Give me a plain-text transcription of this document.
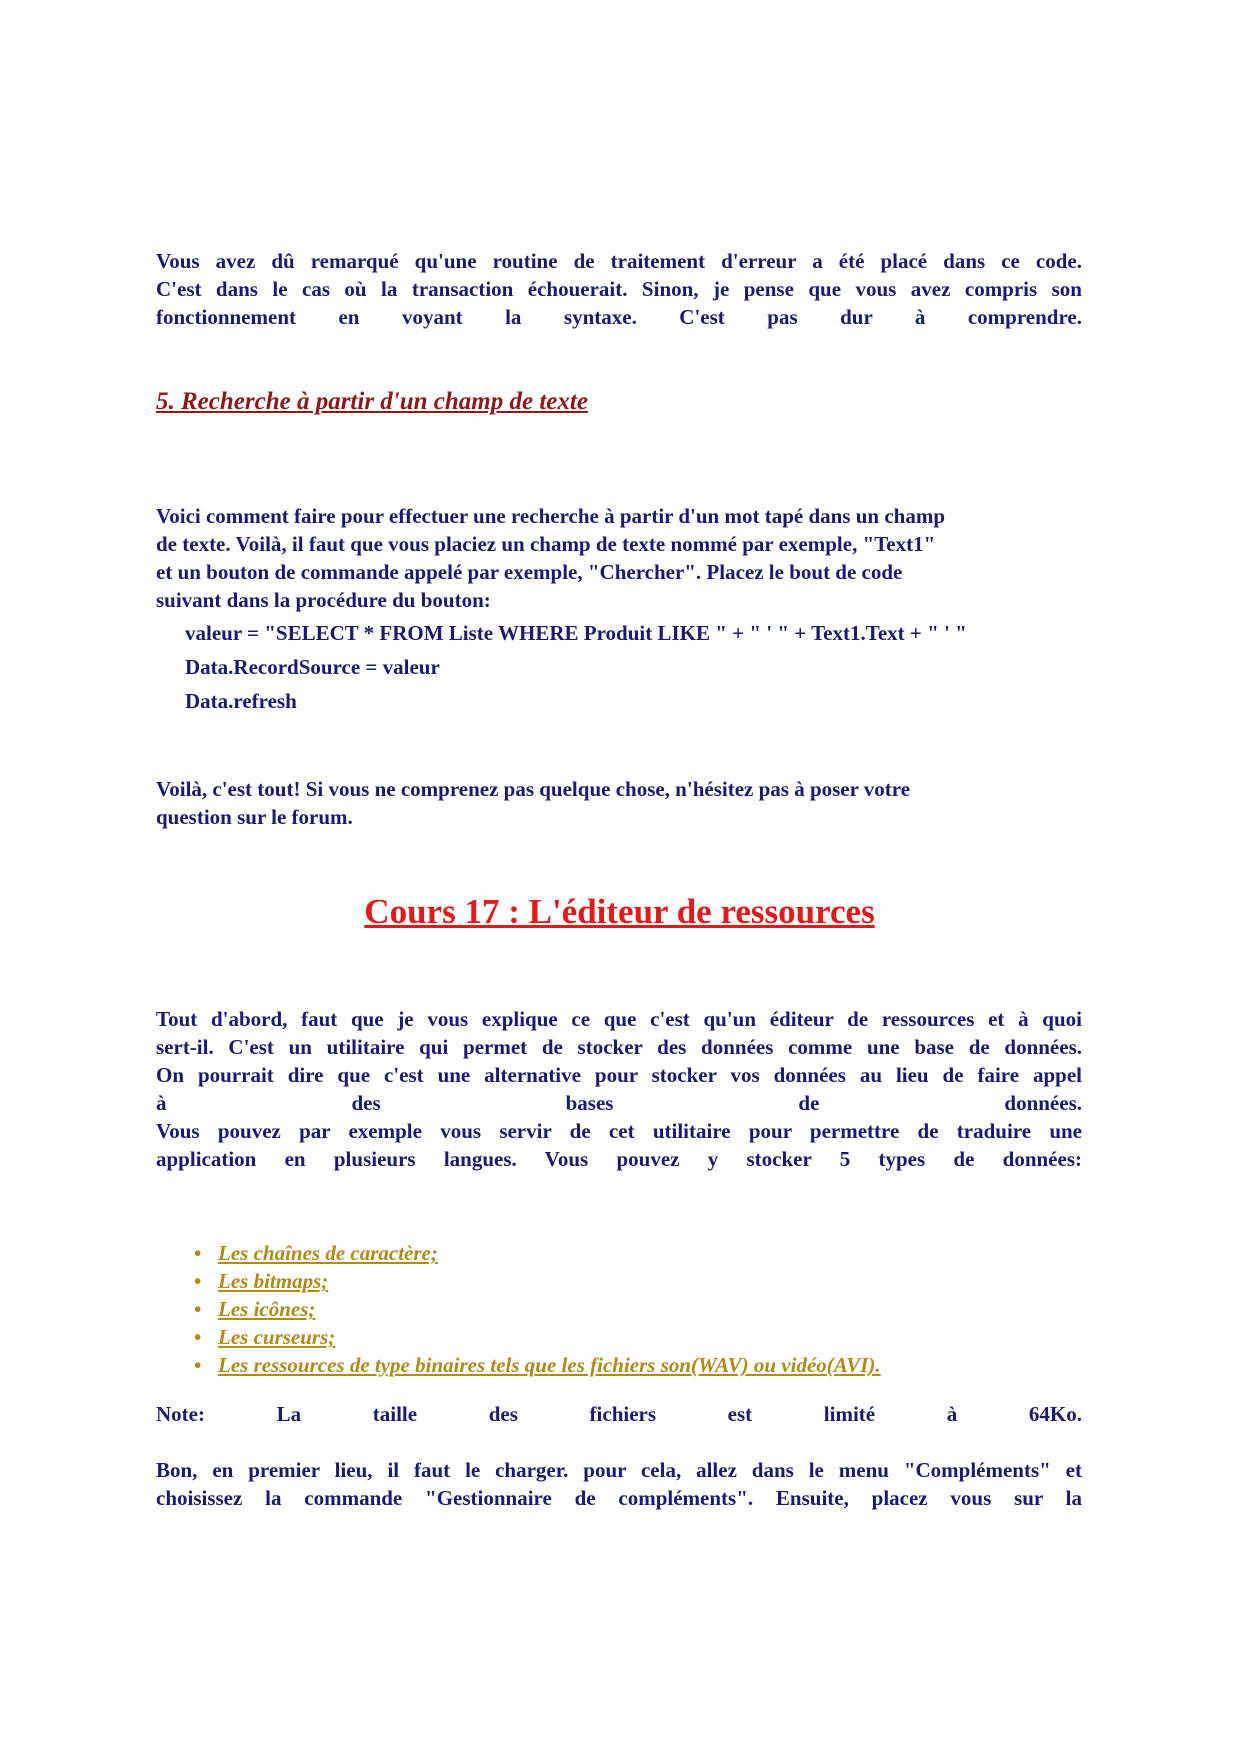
Vous avez dû remarqué qu'une routine de traitement d'erreur a été placé dans ce code.
C'est dans le cas où la transaction échouerait. Sinon, je pense que vous avez compris son
fonctionnement en voyant la syntaxe. C'est pas dur à comprendre.
5. Recherche à partir d'un champ de texte
Voici comment faire pour effectuer une recherche à partir d'un mot tapé dans un champ
de texte. Voilà, il faut que vous placiez un champ de texte nommé par exemple, "Text1"
et un bouton de commande appelé par exemple, "Chercher". Placez le bout de code
suivant dans la procédure du bouton:
valeur = "SELECT * FROM Liste WHERE Produit LIKE " + " ' " + Text1.Text + " ' "
Data.RecordSource = valeur
Data.refresh
Voilà, c'est tout! Si vous ne comprenez pas quelque chose, n'hésitez pas à poser votre
question sur le forum.
Cours 17 : L'éditeur de ressources
Tout d'abord, faut que je vous explique ce que c'est qu'un éditeur de ressources et à quoi
sert-il. C'est un utilitaire qui permet de stocker des données comme une base de données.
On pourrait dire que c'est une alternative pour stocker vos données au lieu de faire appel
à des bases de données.
Vous pouvez par exemple vous servir de cet utilitaire pour permettre de traduire une
application en plusieurs langues. Vous pouvez y stocker 5 types de données:
• Les chaînes de caractère;
• Les bitmaps;
• Les icônes;
• Les curseurs;
• Les ressources de type binaires tels que les fichiers son(WAV) ou vidéo(AVI).
Note: La taille des fichiers est limité à 64Ko.
Bon, en premier lieu, il faut le charger. pour cela, allez dans le menu "Compléments" et
choisissez la commande "Gestionnaire de compléments". Ensuite, placez vous sur la
